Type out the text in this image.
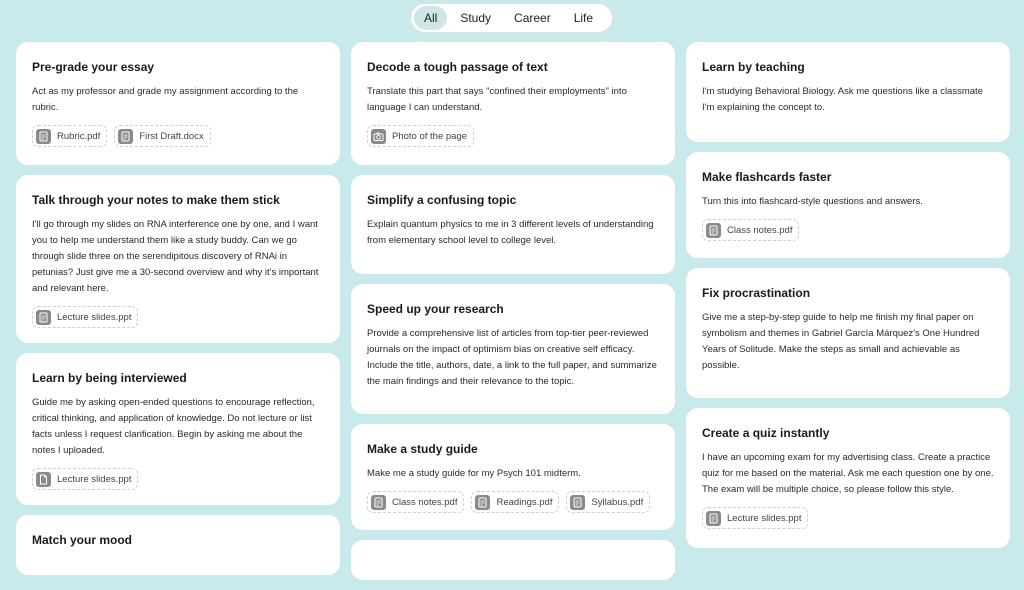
All	Study	Career	Life
Pre-grade your essay
Act as my professor and grade my assignment according to the rubric.
Rubric.pdf	First Draft.docx
Talk through your notes to make them stick
I'll go through my slides on RNA interference one by one, and I want you to help me understand them like a study buddy. Can we go through slide three on the serendipitous discovery of RNAi in petunias? Just give me a 30-second overview and why it's important and relevant here.
Lecture slides.ppt
Learn by being interviewed
Guide me by asking open-ended questions to encourage reflection, critical thinking, and application of knowledge. Do not lecture or list facts unless I request clarification. Begin by asking me about the notes I uploaded.
Lecture slides.ppt
Match your mood
Decode a tough passage of text
Translate this part that says "confined their employments" into language I can understand.
Photo of the page
Simplify a confusing topic
Explain quantum physics to me in 3 different levels of understanding from elementary school level to college level.
Speed up your research
Provide a comprehensive list of articles from top-tier peer-reviewed journals on the impact of optimism bias on creative self efficacy. Include the title, authors, date, a link to the full paper, and summarize the main findings and their relevance to the topic.
Make a study guide
Make me a study guide for my Psych 101 midterm.
Class notes.pdf	Readings.pdf	Syllabus.pdf
Learn by teaching
I'm studying Behavioral Biology. Ask me questions like a classmate I'm explaining the concept to.
Make flashcards faster
Turn this into flashcard-style questions and answers.
Class notes.pdf
Fix procrastination
Give me a step-by-step guide to help me finish my final paper on symbolism and themes in Gabriel García Márquez's One Hundred Years of Solitude. Make the steps as small and achievable as possible.
Create a quiz instantly
I have an upcoming exam for my advertising class. Create a practice quiz for me based on the material. Ask me each question one by one. The exam will be multiple choice, so please follow this style.
Lecture slides.ppt
